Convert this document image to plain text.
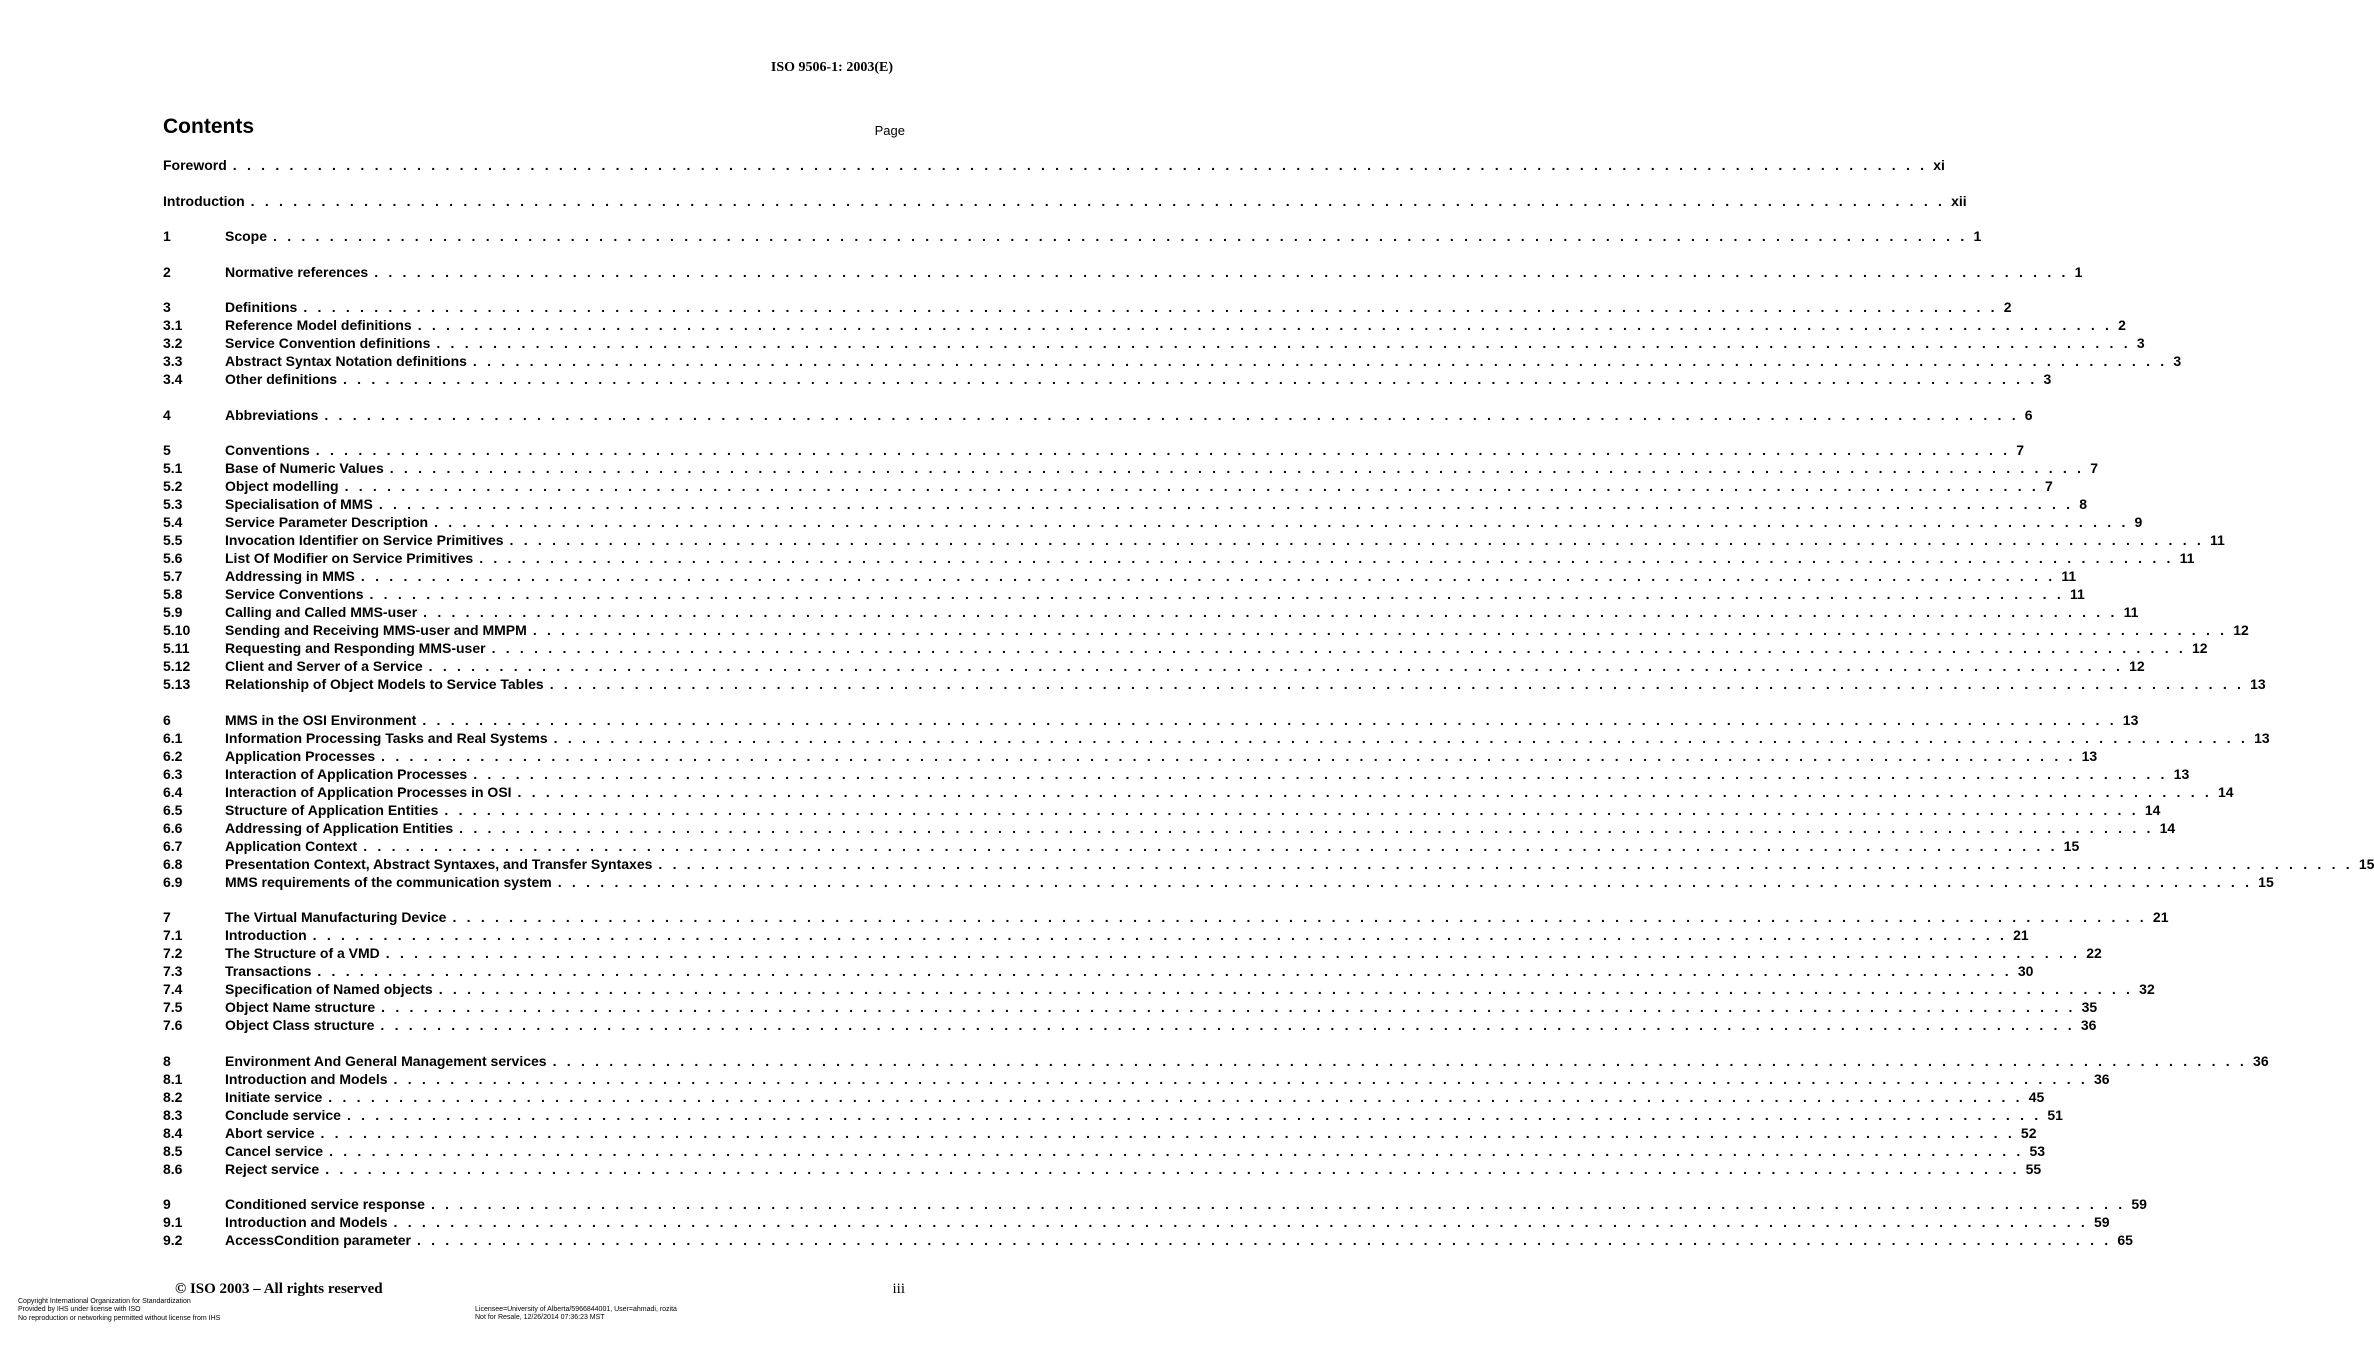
ISO 9506-1: 2003(E)
Contents	Page
Foreword . . . . . . . . . . . . . . . . . . . . . . . . . . . . . . . . . . . . . . . . . . . . . . . . . . . . . . . . . . . . . . . . . . . . . . . . . . . . . . . . . . . . . . . . . . . . . . . . . . . . . . . . . . . . . . . . . . . . . . . . xi
Introduction . . . . . . . . . . . . . . . . . . . . . . . . . . . . . . . . . . . . . . . . . . . . . . . . . . . . . . . . . . . . . . . . . . . . . . . . . . . . . . . . . . . . . . . . . . . . . . . . . . . . . . . . . . . . . . . . . . . . . . . . xii
1	Scope . . . . . . . . . . . . . . . . . . . . . . . . . . . . . . . . . . . . . . . . . . . . . . . . . . . . . . . . . . . . . . . . . . . . . . . . . . . . . . . . . . . . . . . . . . . . . . . . . . . . . . . . . . . . . . . . . . . . . . . . 1
2	Normative references . . . . . . . . . . . . . . . . . . . . . . . . . . . . . . . . . . . . . . . . . . . . . . . . . . . . . . . . . . . . . . . . . . . . . . . . . . . . . . . . . . . . . . . . . . . . . . . . . . . . . . . . . . . . . . . . . . . . . . . . 1
3	Definitions . . . . . . . . . . . . . . . . . . . . . . . . . . . . . . . . . . . . . . . . . . . . . . . . . . . . . . . . . . . . . . . . . . . . . . . . . . . . . . . . . . . . . . . . . . . . . . . . . . . . . . . . . . . . . . . . . . . . . . . . 2
3.1	Reference Model definitions . . . . . . . . . . . . . . . . . . . . . . . . . . . . . . . . . . . . . . . . . . . . . . . . . . . . . . . . . . . . . . . . . . . . . . . . . . . . . . . . . . . . . . . . . . . . . . . . . . . . . . . . . . . . . . . . . . . . . . . . 2
3.2	Service Convention definitions . . . . . . . . . . . . . . . . . . . . . . . . . . . . . . . . . . . . . . . . . . . . . . . . . . . . . . . . . . . . . . . . . . . . . . . . . . . . . . . . . . . . . . . . . . . . . . . . . . . . . . . . . . . . . . . . . . . . . . . . 3
3.3	Abstract Syntax Notation definitions . . . . . . . . . . . . . . . . . . . . . . . . . . . . . . . . . . . . . . . . . . . . . . . . . . . . . . . . . . . . . . . . . . . . . . . . . . . . . . . . . . . . . . . . . . . . . . . . . . . . . . . . . . . . . . . . . . . . . . . . 3
3.4	Other definitions . . . . . . . . . . . . . . . . . . . . . . . . . . . . . . . . . . . . . . . . . . . . . . . . . . . . . . . . . . . . . . . . . . . . . . . . . . . . . . . . . . . . . . . . . . . . . . . . . . . . . . . . . . . . . . . . . . . . . . . . 3
4	Abbreviations . . . . . . . . . . . . . . . . . . . . . . . . . . . . . . . . . . . . . . . . . . . . . . . . . . . . . . . . . . . . . . . . . . . . . . . . . . . . . . . . . . . . . . . . . . . . . . . . . . . . . . . . . . . . . . . . . . . . . . . . 6
5	Conventions . . . . . . . . . . . . . . . . . . . . . . . . . . . . . . . . . . . . . . . . . . . . . . . . . . . . . . . . . . . . . . . . . . . . . . . . . . . . . . . . . . . . . . . . . . . . . . . . . . . . . . . . . . . . . . . . . . . . . . . . 7
5.1	Base of Numeric Values . . . . . . . . . . . . . . . . . . . . . . . . . . . . . . . . . . . . . . . . . . . . . . . . . . . . . . . . . . . . . . . . . . . . . . . . . . . . . . . . . . . . . . . . . . . . . . . . . . . . . . . . . . . . . . . . . . . . . . . . 7
5.2	Object modelling . . . . . . . . . . . . . . . . . . . . . . . . . . . . . . . . . . . . . . . . . . . . . . . . . . . . . . . . . . . . . . . . . . . . . . . . . . . . . . . . . . . . . . . . . . . . . . . . . . . . . . . . . . . . . . . . . . . . . . . . 7
5.3	Specialisation of MMS . . . . . . . . . . . . . . . . . . . . . . . . . . . . . . . . . . . . . . . . . . . . . . . . . . . . . . . . . . . . . . . . . . . . . . . . . . . . . . . . . . . . . . . . . . . . . . . . . . . . . . . . . . . . . . . . . . . . . . . . 8
5.4	Service Parameter Description . . . . . . . . . . . . . . . . . . . . . . . . . . . . . . . . . . . . . . . . . . . . . . . . . . . . . . . . . . . . . . . . . . . . . . . . . . . . . . . . . . . . . . . . . . . . . . . . . . . . . . . . . . . . . . . . . . . . . . . . 9
5.5	Invocation Identifier on Service Primitives . . . . . . . . . . . . . . . . . . . . . . . . . . . . . . . . . . . . . . . . . . . . . . . . . . . . . . . . . . . . . . . . . . . . . . . . . . . . . . . . . . . . . . . . . . . . . . . . . . . . . . . . . . . . . . . . . . . . . . . . 11
5.6	List Of Modifier on Service Primitives . . . . . . . . . . . . . . . . . . . . . . . . . . . . . . . . . . . . . . . . . . . . . . . . . . . . . . . . . . . . . . . . . . . . . . . . . . . . . . . . . . . . . . . . . . . . . . . . . . . . . . . . . . . . . . . . . . . . . . . . 11
5.7	Addressing in MMS . . . . . . . . . . . . . . . . . . . . . . . . . . . . . . . . . . . . . . . . . . . . . . . . . . . . . . . . . . . . . . . . . . . . . . . . . . . . . . . . . . . . . . . . . . . . . . . . . . . . . . . . . . . . . . . . . . . . . . . . 11
5.8	Service Conventions . . . . . . . . . . . . . . . . . . . . . . . . . . . . . . . . . . . . . . . . . . . . . . . . . . . . . . . . . . . . . . . . . . . . . . . . . . . . . . . . . . . . . . . . . . . . . . . . . . . . . . . . . . . . . . . . . . . . . . . . 11
5.9	Calling and Called MMS-user . . . . . . . . . . . . . . . . . . . . . . . . . . . . . . . . . . . . . . . . . . . . . . . . . . . . . . . . . . . . . . . . . . . . . . . . . . . . . . . . . . . . . . . . . . . . . . . . . . . . . . . . . . . . . . . . . . . . . . . . 11
5.10	Sending and Receiving MMS-user and MMPM . . . . . . . . . . . . . . . . . . . . . . . . . . . . . . . . . . . . . . . . . . . . . . . . . . . . . . . . . . . . . . . . . . . . . . . . . . . . . . . . . . . . . . . . . . . . . . . . . . . . . . . . . . . . . . . . . . . . . . . . 12
5.11	Requesting and Responding MMS-user . . . . . . . . . . . . . . . . . . . . . . . . . . . . . . . . . . . . . . . . . . . . . . . . . . . . . . . . . . . . . . . . . . . . . . . . . . . . . . . . . . . . . . . . . . . . . . . . . . . . . . . . . . . . . . . . . . . . . . . . 12
5.12	Client and Server of a Service . . . . . . . . . . . . . . . . . . . . . . . . . . . . . . . . . . . . . . . . . . . . . . . . . . . . . . . . . . . . . . . . . . . . . . . . . . . . . . . . . . . . . . . . . . . . . . . . . . . . . . . . . . . . . . . . . . . . . . . . 12
5.13	Relationship of Object Models to Service Tables . . . . . . . . . . . . . . . . . . . . . . . . . . . . . . . . . . . . . . . . . . . . . . . . . . . . . . . . . . . . . . . . . . . . . . . . . . . . . . . . . . . . . . . . . . . . . . . . . . . . . . . . . . . . . . . . . . . . . . . . 13
6	MMS in the OSI Environment . . . . . . . . . . . . . . . . . . . . . . . . . . . . . . . . . . . . . . . . . . . . . . . . . . . . . . . . . . . . . . . . . . . . . . . . . . . . . . . . . . . . . . . . . . . . . . . . . . . . . . . . . . . . . . . . . . . . . . . . 13
6.1	Information Processing Tasks and Real Systems . . . . . . . . . . . . . . . . . . . . . . . . . . . . . . . . . . . . . . . . . . . . . . . . . . . . . . . . . . . . . . . . . . . . . . . . . . . . . . . . . . . . . . . . . . . . . . . . . . . . . . . . . . . . . . . . . . . . . . . . 13
6.2	Application Processes . . . . . . . . . . . . . . . . . . . . . . . . . . . . . . . . . . . . . . . . . . . . . . . . . . . . . . . . . . . . . . . . . . . . . . . . . . . . . . . . . . . . . . . . . . . . . . . . . . . . . . . . . . . . . . . . . . . . . . . . 13
6.3	Interaction of Application Processes . . . . . . . . . . . . . . . . . . . . . . . . . . . . . . . . . . . . . . . . . . . . . . . . . . . . . . . . . . . . . . . . . . . . . . . . . . . . . . . . . . . . . . . . . . . . . . . . . . . . . . . . . . . . . . . . . . . . . . . . 13
6.4	Interaction of Application Processes in OSI . . . . . . . . . . . . . . . . . . . . . . . . . . . . . . . . . . . . . . . . . . . . . . . . . . . . . . . . . . . . . . . . . . . . . . . . . . . . . . . . . . . . . . . . . . . . . . . . . . . . . . . . . . . . . . . . . . . . . . . . 14
6.5	Structure of Application Entities . . . . . . . . . . . . . . . . . . . . . . . . . . . . . . . . . . . . . . . . . . . . . . . . . . . . . . . . . . . . . . . . . . . . . . . . . . . . . . . . . . . . . . . . . . . . . . . . . . . . . . . . . . . . . . . . . . . . . . . . 14
6.6	Addressing of Application Entities . . . . . . . . . . . . . . . . . . . . . . . . . . . . . . . . . . . . . . . . . . . . . . . . . . . . . . . . . . . . . . . . . . . . . . . . . . . . . . . . . . . . . . . . . . . . . . . . . . . . . . . . . . . . . . . . . . . . . . . . 14
6.7	Application Context . . . . . . . . . . . . . . . . . . . . . . . . . . . . . . . . . . . . . . . . . . . . . . . . . . . . . . . . . . . . . . . . . . . . . . . . . . . . . . . . . . . . . . . . . . . . . . . . . . . . . . . . . . . . . . . . . . . . . . . . 15
6.8	Presentation Context, Abstract Syntaxes, and Transfer Syntaxes . . . . . . . . . . . . . . . . . . . . . . . . . . . . . . . . . . . . . . . . . . . . . . . . . . . . . . . . . . . . . . . . . . . . . . . . . . . . . . . . . . . . . . . . . . . . . . . . . . . . . . . . . . . . . . . . . . . . . . . . 15
6.9	MMS requirements of the communication system . . . . . . . . . . . . . . . . . . . . . . . . . . . . . . . . . . . . . . . . . . . . . . . . . . . . . . . . . . . . . . . . . . . . . . . . . . . . . . . . . . . . . . . . . . . . . . . . . . . . . . . . . . . . . . . . . . . . . . . . 15
7	The Virtual Manufacturing Device . . . . . . . . . . . . . . . . . . . . . . . . . . . . . . . . . . . . . . . . . . . . . . . . . . . . . . . . . . . . . . . . . . . . . . . . . . . . . . . . . . . . . . . . . . . . . . . . . . . . . . . . . . . . . . . . . . . . . . . . 21
7.1	Introduction . . . . . . . . . . . . . . . . . . . . . . . . . . . . . . . . . . . . . . . . . . . . . . . . . . . . . . . . . . . . . . . . . . . . . . . . . . . . . . . . . . . . . . . . . . . . . . . . . . . . . . . . . . . . . . . . . . . . . . . . 21
7.2	The Structure of a VMD . . . . . . . . . . . . . . . . . . . . . . . . . . . . . . . . . . . . . . . . . . . . . . . . . . . . . . . . . . . . . . . . . . . . . . . . . . . . . . . . . . . . . . . . . . . . . . . . . . . . . . . . . . . . . . . . . . . . . . . . 22
7.3	Transactions . . . . . . . . . . . . . . . . . . . . . . . . . . . . . . . . . . . . . . . . . . . . . . . . . . . . . . . . . . . . . . . . . . . . . . . . . . . . . . . . . . . . . . . . . . . . . . . . . . . . . . . . . . . . . . . . . . . . . . . . 30
7.4	Specification of Named objects . . . . . . . . . . . . . . . . . . . . . . . . . . . . . . . . . . . . . . . . . . . . . . . . . . . . . . . . . . . . . . . . . . . . . . . . . . . . . . . . . . . . . . . . . . . . . . . . . . . . . . . . . . . . . . . . . . . . . . . . 32
7.5	Object Name structure . . . . . . . . . . . . . . . . . . . . . . . . . . . . . . . . . . . . . . . . . . . . . . . . . . . . . . . . . . . . . . . . . . . . . . . . . . . . . . . . . . . . . . . . . . . . . . . . . . . . . . . . . . . . . . . . . . . . . . . . 35
7.6	Object Class structure . . . . . . . . . . . . . . . . . . . . . . . . . . . . . . . . . . . . . . . . . . . . . . . . . . . . . . . . . . . . . . . . . . . . . . . . . . . . . . . . . . . . . . . . . . . . . . . . . . . . . . . . . . . . . . . . . . . . . . . . 36
8	Environment And General Management services . . . . . . . . . . . . . . . . . . . . . . . . . . . . . . . . . . . . . . . . . . . . . . . . . . . . . . . . . . . . . . . . . . . . . . . . . . . . . . . . . . . . . . . . . . . . . . . . . . . . . . . . . . . . . . . . . . . . . . . . 36
8.1	Introduction and Models . . . . . . . . . . . . . . . . . . . . . . . . . . . . . . . . . . . . . . . . . . . . . . . . . . . . . . . . . . . . . . . . . . . . . . . . . . . . . . . . . . . . . . . . . . . . . . . . . . . . . . . . . . . . . . . . . . . . . . . . 36
8.2	Initiate service . . . . . . . . . . . . . . . . . . . . . . . . . . . . . . . . . . . . . . . . . . . . . . . . . . . . . . . . . . . . . . . . . . . . . . . . . . . . . . . . . . . . . . . . . . . . . . . . . . . . . . . . . . . . . . . . . . . . . . . . 45
8.3	Conclude service . . . . . . . . . . . . . . . . . . . . . . . . . . . . . . . . . . . . . . . . . . . . . . . . . . . . . . . . . . . . . . . . . . . . . . . . . . . . . . . . . . . . . . . . . . . . . . . . . . . . . . . . . . . . . . . . . . . . . . . . 51
8.4	Abort service . . . . . . . . . . . . . . . . . . . . . . . . . . . . . . . . . . . . . . . . . . . . . . . . . . . . . . . . . . . . . . . . . . . . . . . . . . . . . . . . . . . . . . . . . . . . . . . . . . . . . . . . . . . . . . . . . . . . . . . . 52
8.5	Cancel service . . . . . . . . . . . . . . . . . . . . . . . . . . . . . . . . . . . . . . . . . . . . . . . . . . . . . . . . . . . . . . . . . . . . . . . . . . . . . . . . . . . . . . . . . . . . . . . . . . . . . . . . . . . . . . . . . . . . . . . . 53
8.6	Reject service . . . . . . . . . . . . . . . . . . . . . . . . . . . . . . . . . . . . . . . . . . . . . . . . . . . . . . . . . . . . . . . . . . . . . . . . . . . . . . . . . . . . . . . . . . . . . . . . . . . . . . . . . . . . . . . . . . . . . . . . 55
9	Conditioned service response . . . . . . . . . . . . . . . . . . . . . . . . . . . . . . . . . . . . . . . . . . . . . . . . . . . . . . . . . . . . . . . . . . . . . . . . . . . . . . . . . . . . . . . . . . . . . . . . . . . . . . . . . . . . . . . . . . . . . . . . 59
9.1	Introduction and Models . . . . . . . . . . . . . . . . . . . . . . . . . . . . . . . . . . . . . . . . . . . . . . . . . . . . . . . . . . . . . . . . . . . . . . . . . . . . . . . . . . . . . . . . . . . . . . . . . . . . . . . . . . . . . . . . . . . . . . . . 59
9.2	AccessCondition parameter . . . . . . . . . . . . . . . . . . . . . . . . . . . . . . . . . . . . . . . . . . . . . . . . . . . . . . . . . . . . . . . . . . . . . . . . . . . . . . . . . . . . . . . . . . . . . . . . . . . . . . . . . . . . . . . . . . . . . . . . 65
© ISO 2003 – All rights reserved	iii
Copyright International Organization for Standardization
Provided by IHS under license with ISO
No reproduction or networking permitted without license from IHS
Licensee=University of Alberta/5966844001, User=ahmadi, rozita
Not for Resale, 12/26/2014 07:36:23 MST
